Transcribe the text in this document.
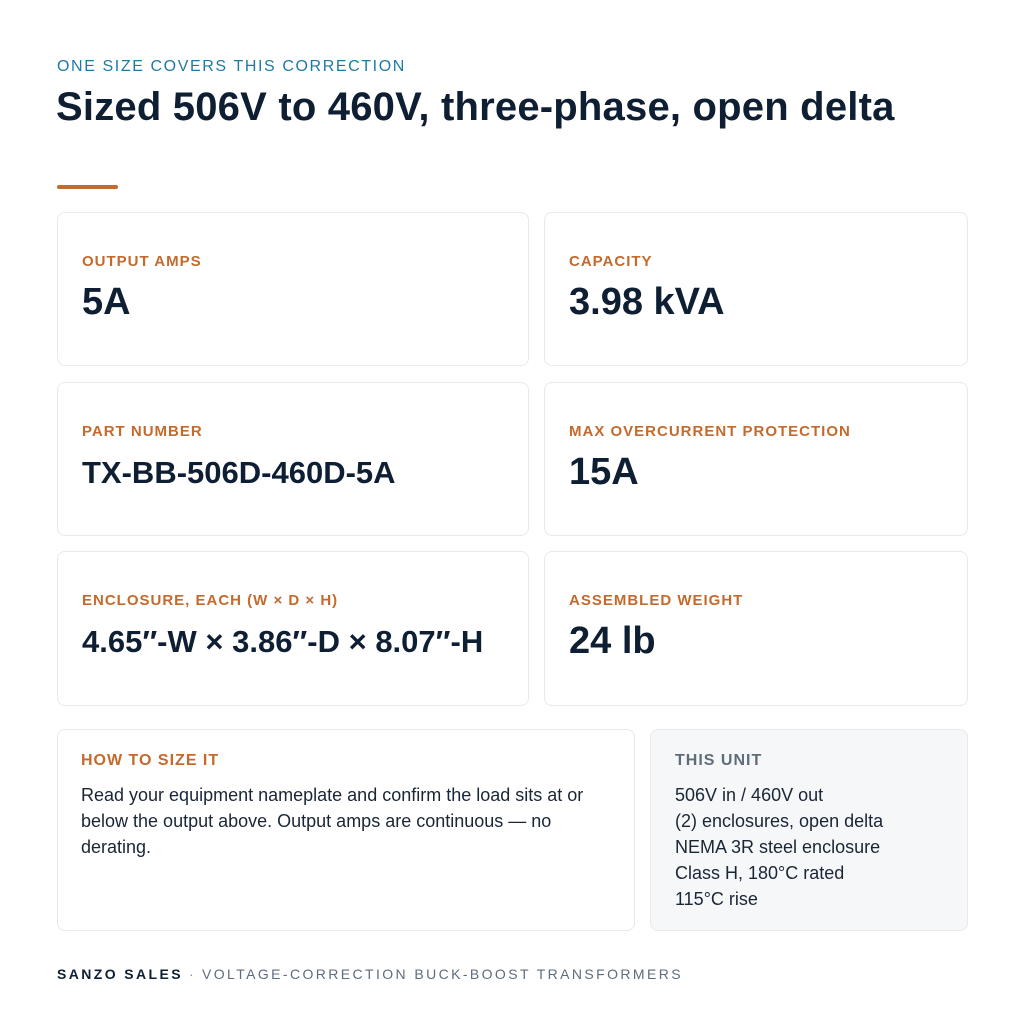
ONE SIZE COVERS THIS CORRECTION
Sized 506V to 460V, three-phase, open delta
OUTPUT AMPS
5A
CAPACITY
3.98 kVA
PART NUMBER
TX-BB-506D-460D-5A
MAX OVERCURRENT PROTECTION
15A
ENCLOSURE, EACH (W × D × H)
4.65″-W × 3.86″-D × 8.07″-H
ASSEMBLED WEIGHT
24 lb
HOW TO SIZE IT

Read your equipment nameplate and confirm the load sits at or below the output above. Output amps are continuous — no derating.

THIS UNIT
506V in / 460V out
(2) enclosures, open delta
NEMA 3R steel enclosure
Class H, 180°C rated
115°C rise
SANZO SALES · VOLTAGE-CORRECTION BUCK-BOOST TRANSFORMERS
